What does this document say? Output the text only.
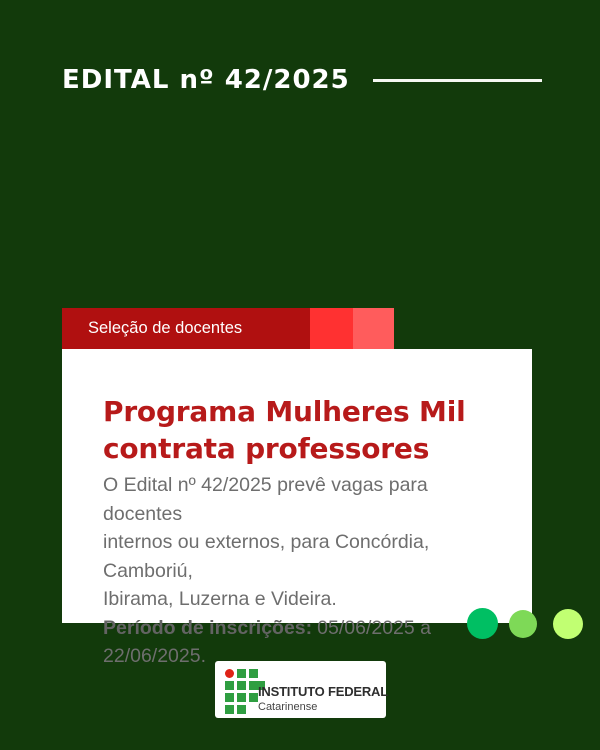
EDITAL nº 42/2025
Seleção de docentes
Programa Mulheres Mil
contrata professores
O Edital nº 42/2025 prevê vagas para docentes
internos ou externos, para Concórdia, Camboriú,
Ibirama, Luzerna e Videira.
Período de inscrições: 05/06/2025 a 22/06/2025.
INSTITUTO FEDERAL
Catarinense
